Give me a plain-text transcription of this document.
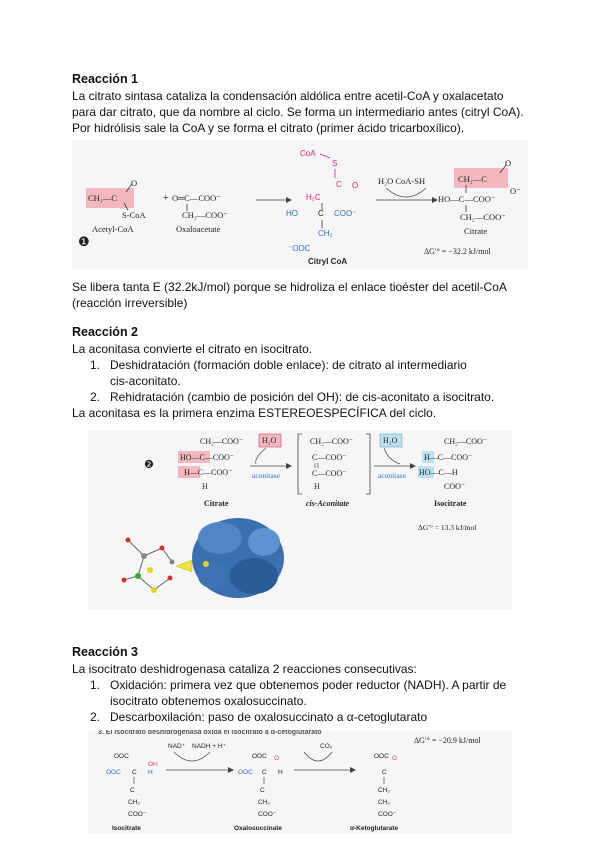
Reacción 1
La citrato sintasa cataliza la condensación aldólica entre acetil-CoA y oxalacetato para dar citrato, que da nombre al ciclo. Se forma un intermediario antes (citryl CoA). Por hidrólisis sale la CoA y se forma el citrato (primer ácido tricarboxílico).
❶
CH₃—C
O
S-CoA
Acetyl-CoA
+ O═C—COO⁻
CH₂—COO⁻
Oxaloacetate
CoA
S
C O
H₂C
HO	C COO⁻
CH₂
⁻OOC
Citryl CoA
H₂O CoA-SH	CH₂—C
O
O⁻
HO—C—COO⁻
CH₂—COO⁻
Citrate
ΔG′° = −32.2 kJ/mol
Se libera tanta E (32.2kJ/mol) porque se hidroliza el enlace tioéster del acetil-CoA (reacción irreversible)
Reacción 2
La aconitasa convierte el citrato en isocitrato.
1. Deshidratación (formación doble enlace): de citrato al intermediario
cis-aconitato.
2. Rehidratación (cambio de posición del OH): de cis-aconitato a isocitrato.
La aconitasa es la primera enzima ESTEREOESPECÍFICA del ciclo.
❷
CH₂—COO⁻
HO—C—COO⁻
H—C—COO⁻
H
Citrate
H₂O
aconitase
CH₂—COO⁻
C—COO⁻
C—COO⁻
H
cis-Aconitate
H₂O
aconitase
CH₂—COO⁻
H—C—COO⁻
HO—C—H
COO⁻
Isocitrate
ΔG′° = 13.3 kJ/mol
Reacción 3
La isocitrato deshidrogenasa cataliza 2 reacciones consecutivas:
1. Oxidación: primera vez que obtenemos poder reductor (NADH). A partir de
isocitrato obtenemos oxalosuccinato.
2. Descarboxilación: paso de oxalosuccinato a α-cetoglutarato
3. El isocitrato deshidrogenasa oxida el isocitrato a α-cetoglutarato
ΔG′° = −20.9 kJ/mol
OOC
OOC C H
OH
C
CH₂
COO⁻
Isocitrate
NAD⁺ NADH + H⁺
OOC
OOC C H
O
C
CH₂
COO⁻
Oxalosuccinate
CO₂
OOC
C
O
CH₂
CH₂
COO⁻
α-Ketoglutarate
